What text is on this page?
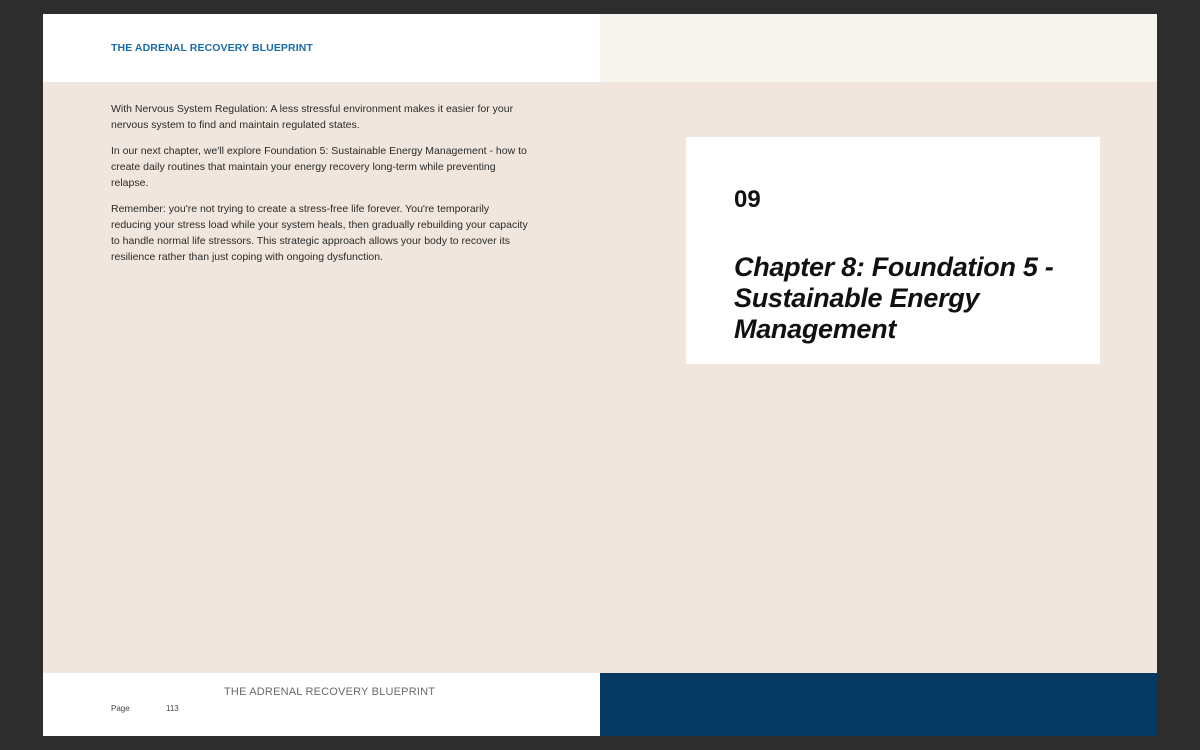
THE ADRENAL RECOVERY BLUEPRINT

With Nervous System Regulation: A less stressful environment makes it easier for your nervous system to find and maintain regulated states.

In our next chapter, we'll explore Foundation 5: Sustainable Energy Management - how to create daily routines that maintain your energy recovery long-term while preventing relapse.

Remember: you're not trying to create a stress-free life forever. You're temporarily reducing your stress load while your system heals, then gradually rebuilding your capacity to handle normal life stressors. This strategic approach allows your body to recover its resilience rather than just coping with ongoing dysfunction.

THE ADRENAL RECOVERY BLUEPRINT
Page	113
09
Chapter 8: Foundation 5 - Sustainable Energy Management
